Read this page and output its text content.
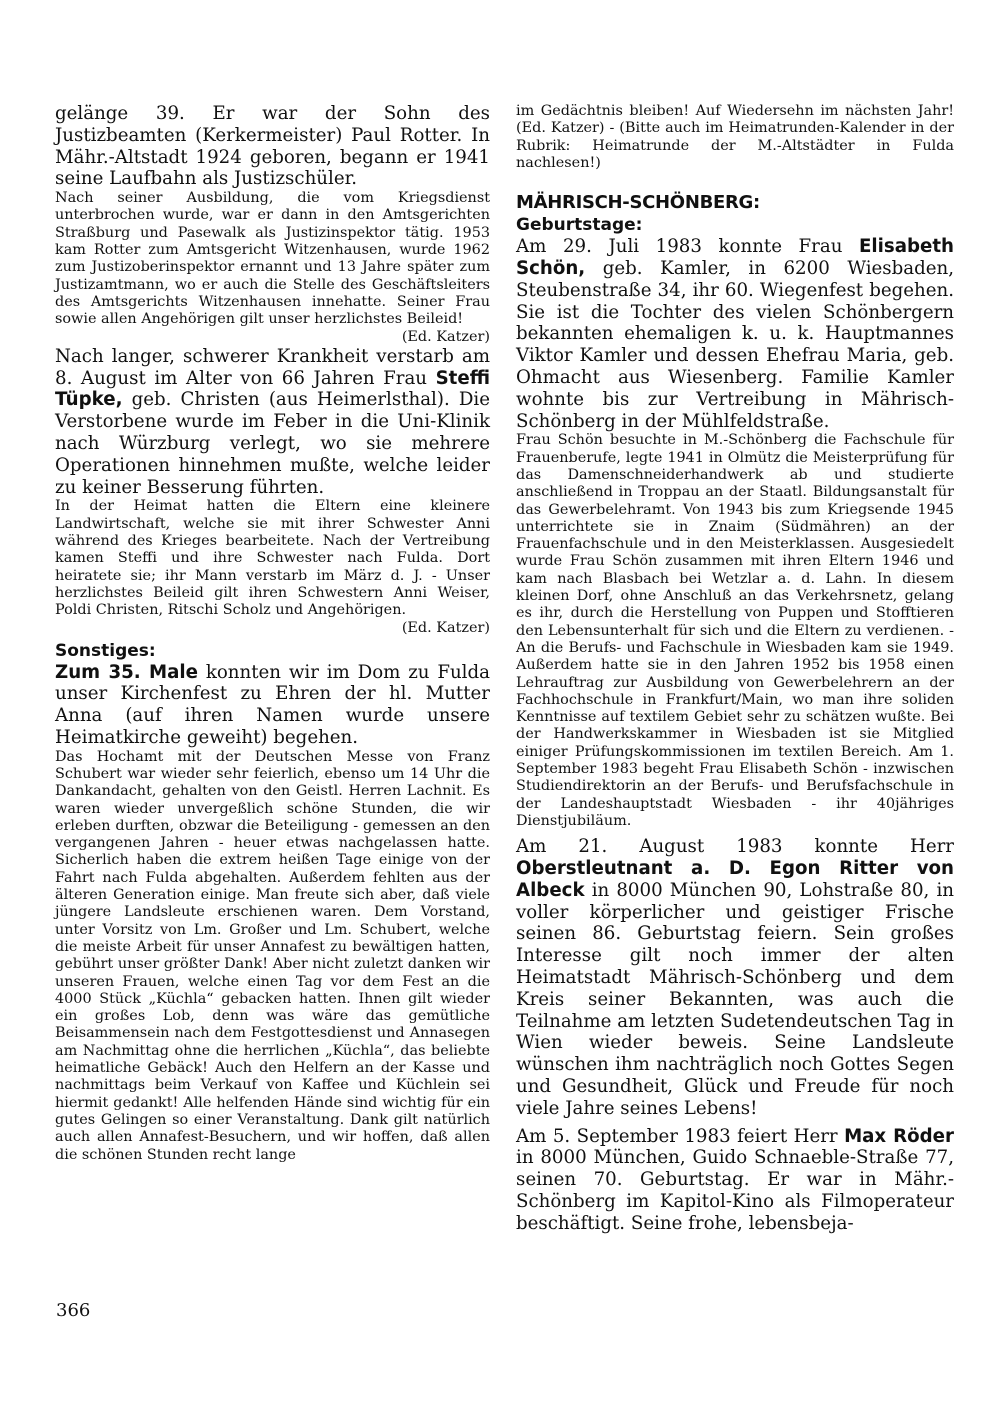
gelänge 39. Er war der Sohn des Justizbeamten (Kerkermeister) Paul Rotter. In Mähr.-Altstadt 1924 geboren, begann er 1941 seine Laufbahn als Justizschüler.

Nach seiner Ausbildung, die vom Kriegsdienst unterbrochen wurde, war er dann in den Amtsgerichten Straßburg und Pasewalk als Justizinspektor tätig. 1953 kam Rotter zum Amtsgericht Witzenhausen, wurde 1962 zum Justizoberinspektor ernannt und 13 Jahre später zum Justizamtmann, wo er auch die Stelle des Geschäftsleiters des Amtsgerichts Witzenhausen innehatte. Seiner Frau sowie allen Angehörigen gilt unser herzlichstes Beileid!

(Ed. Katzer)

Nach langer, schwerer Krankheit verstarb am 8. August im Alter von 66 Jahren Frau Steffi Tüpke, geb. Christen (aus Heimerlsthal). Die Verstorbene wurde im Feber in die Uni-Klinik nach Würzburg verlegt, wo sie mehrere Operationen hinnehmen mußte, welche leider zu keiner Besserung führten.

In der Heimat hatten die Eltern eine kleinere Landwirtschaft, welche sie mit ihrer Schwester Anni während des Krieges bearbeitete. Nach der Vertreibung kamen Steffi und ihre Schwester nach Fulda. Dort heiratete sie; ihr Mann verstarb im März d. J. - Unser herzlichstes Beileid gilt ihren Schwestern Anni Weiser, Poldi Christen, Ritschi Scholz und Angehörigen.
(Ed. Katzer)

Sonstiges:

Zum 35. Male konnten wir im Dom zu Fulda unser Kirchenfest zu Ehren der hl. Mutter Anna (auf ihren Namen wurde unsere Heimatkirche geweiht) begehen.

Das Hochamt mit der Deutschen Messe von Franz Schubert war wieder sehr feierlich, ebenso um 14 Uhr die Dankandacht, gehalten von den Geistl. Herren Lachnit. Es waren wieder unvergeßlich schöne Stunden, die wir erleben durften, obzwar die Beteiligung - gemessen an den vergangenen Jahren - heuer etwas nachgelassen hatte. Sicherlich haben die extrem heißen Tage einige von der Fahrt nach Fulda abgehalten. Außerdem fehlten aus der älteren Generation einige. Man freute sich aber, daß viele jüngere Landsleute erschienen waren. Dem Vorstand, unter Vorsitz von Lm. Großer und Lm. Schubert, welche die meiste Arbeit für unser Annafest zu bewältigen hatten, gebührt unser größter Dank! Aber nicht zuletzt danken wir unseren Frauen, welche einen Tag vor dem Fest an die 4000 Stück „Küchla“ gebacken hatten. Ihnen gilt wieder ein großes Lob, denn was wäre das gemütliche Beisammensein nach dem Festgottesdienst und Annasegen am Nachmittag ohne die herrlichen „Küchla“, das beliebte heimatliche Gebäck! Auch den Helfern an der Kasse und nachmittags beim Verkauf von Kaffee und Küchlein sei hiermit gedankt! Alle helfenden Hände sind wichtig für ein gutes Gelingen so einer Veranstaltung. Dank gilt natürlich auch allen Annafest-Besuchern, und wir hoffen, daß allen die schönen Stunden recht lange

im Gedächtnis bleiben! Auf Wiedersehn im nächsten Jahr! (Ed. Katzer) - (Bitte auch im Heimatrunden-Kalender in der Rubrik: Heimatrunde der M.-Altstädter in Fulda nachlesen!)

MÄHRISCH-SCHÖNBERG:

Geburtstage:

Am 29. Juli 1983 konnte Frau Elisabeth Schön, geb. Kamler, in 6200 Wiesbaden, Steubenstraße 34, ihr 60. Wiegenfest begehen. Sie ist die Tochter des vielen Schönbergern bekannten ehemaligen k. u. k. Hauptmannes Viktor Kamler und dessen Ehefrau Maria, geb. Ohmacht aus Wiesenberg. Familie Kamler wohnte bis zur Vertreibung in Mährisch-Schönberg in der Mühlfeldstraße.

Frau Schön besuchte in M.-Schönberg die Fachschule für Frauenberufe, legte 1941 in Olmütz die Meisterprüfung für das Damenschneiderhandwerk ab und studierte anschließend in Troppau an der Staatl. Bildungsanstalt für das Gewerbelehramt. Von 1943 bis zum Kriegsende 1945 unterrichtete sie in Znaim (Südmähren) an der Frauenfachschule und in den Meisterklassen. Ausgesiedelt wurde Frau Schön zusammen mit ihren Eltern 1946 und kam nach Blasbach bei Wetzlar a. d. Lahn. In diesem kleinen Dorf, ohne Anschluß an das Verkehrsnetz, gelang es ihr, durch die Herstellung von Puppen und Stofftieren den Lebensunterhalt für sich und die Eltern zu verdienen. - An die Berufs- und Fachschule in Wiesbaden kam sie 1949. Außerdem hatte sie in den Jahren 1952 bis 1958 einen Lehrauftrag zur Ausbildung von Gewerbelehrern an der Fachhochschule in Frankfurt/Main, wo man ihre soliden Kenntnisse auf textilem Gebiet sehr zu schätzen wußte. Bei der Handwerkskammer in Wiesbaden ist sie Mitglied einiger Prüfungskommissionen im textilen Bereich. Am 1. September 1983 begeht Frau Elisabeth Schön - inzwischen Studiendirektorin an der Berufs- und Berufsfachschule in der Landeshauptstadt Wiesbaden - ihr 40jähriges Dienstjubiläum.

Am 21. August 1983 konnte Herr Oberstleutnant a. D. Egon Ritter von Albeck in 8000 München 90, Lohstraße 80, in voller körperlicher und geistiger Frische seinen 86. Geburtstag feiern. Sein großes Interesse gilt noch immer der alten Heimatstadt Mährisch-Schönberg und dem Kreis seiner Bekannten, was auch die Teilnahme am letzten Sudetendeutschen Tag in Wien wieder beweis. Seine Landsleute wünschen ihm nachträglich noch Gottes Segen und Gesundheit, Glück und Freude für noch viele Jahre seines Lebens!

Am 5. September 1983 feiert Herr Max Röder in 8000 München, Guido Schnaeble-Straße 77, seinen 70. Geburtstag. Er war in Mähr.-Schönberg im Kapitol-Kino als Filmoperateur beschäftigt. Seine frohe, lebensbeja-

366
